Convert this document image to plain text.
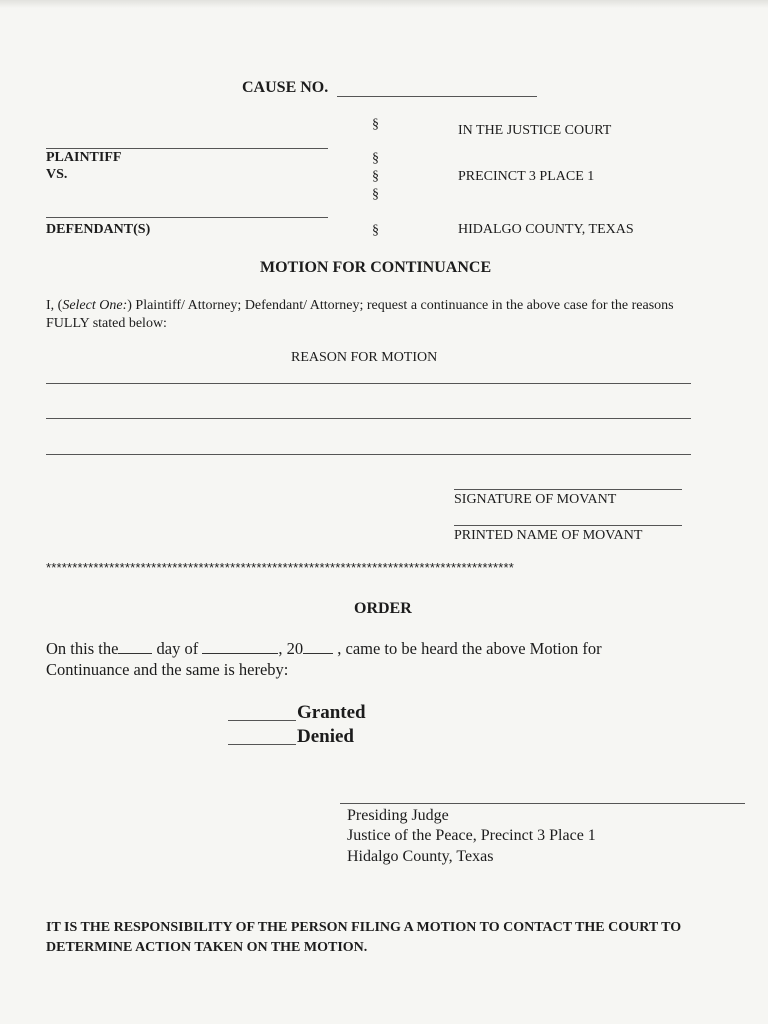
CAUSE NO.
§
§
§
§
§
IN THE JUSTICE COURT
PRECINCT 3 PLACE 1
HIDALGO COUNTY, TEXAS
PLAINTIFF
VS.
DEFENDANT(S)
MOTION FOR CONTINUANCE
I, (Select One:) Plaintiff/ Attorney; Defendant/ Attorney; request a continuance in the above case for the reasons FULLY stated below:
REASON FOR MOTION
SIGNATURE OF MOVANT
PRINTED NAME OF MOVANT
*****************************************************************************************
ORDER
On this the day of	, 20 , came to be heard the above Motion for Continuance and the same is hereby:
Granted
Denied
Presiding Judge
Justice of the Peace, Precinct 3 Place 1
Hidalgo County, Texas
IT IS THE RESPONSIBILITY OF THE PERSON FILING A MOTION TO CONTACT THE COURT TO DETERMINE ACTION TAKEN ON THE MOTION.
